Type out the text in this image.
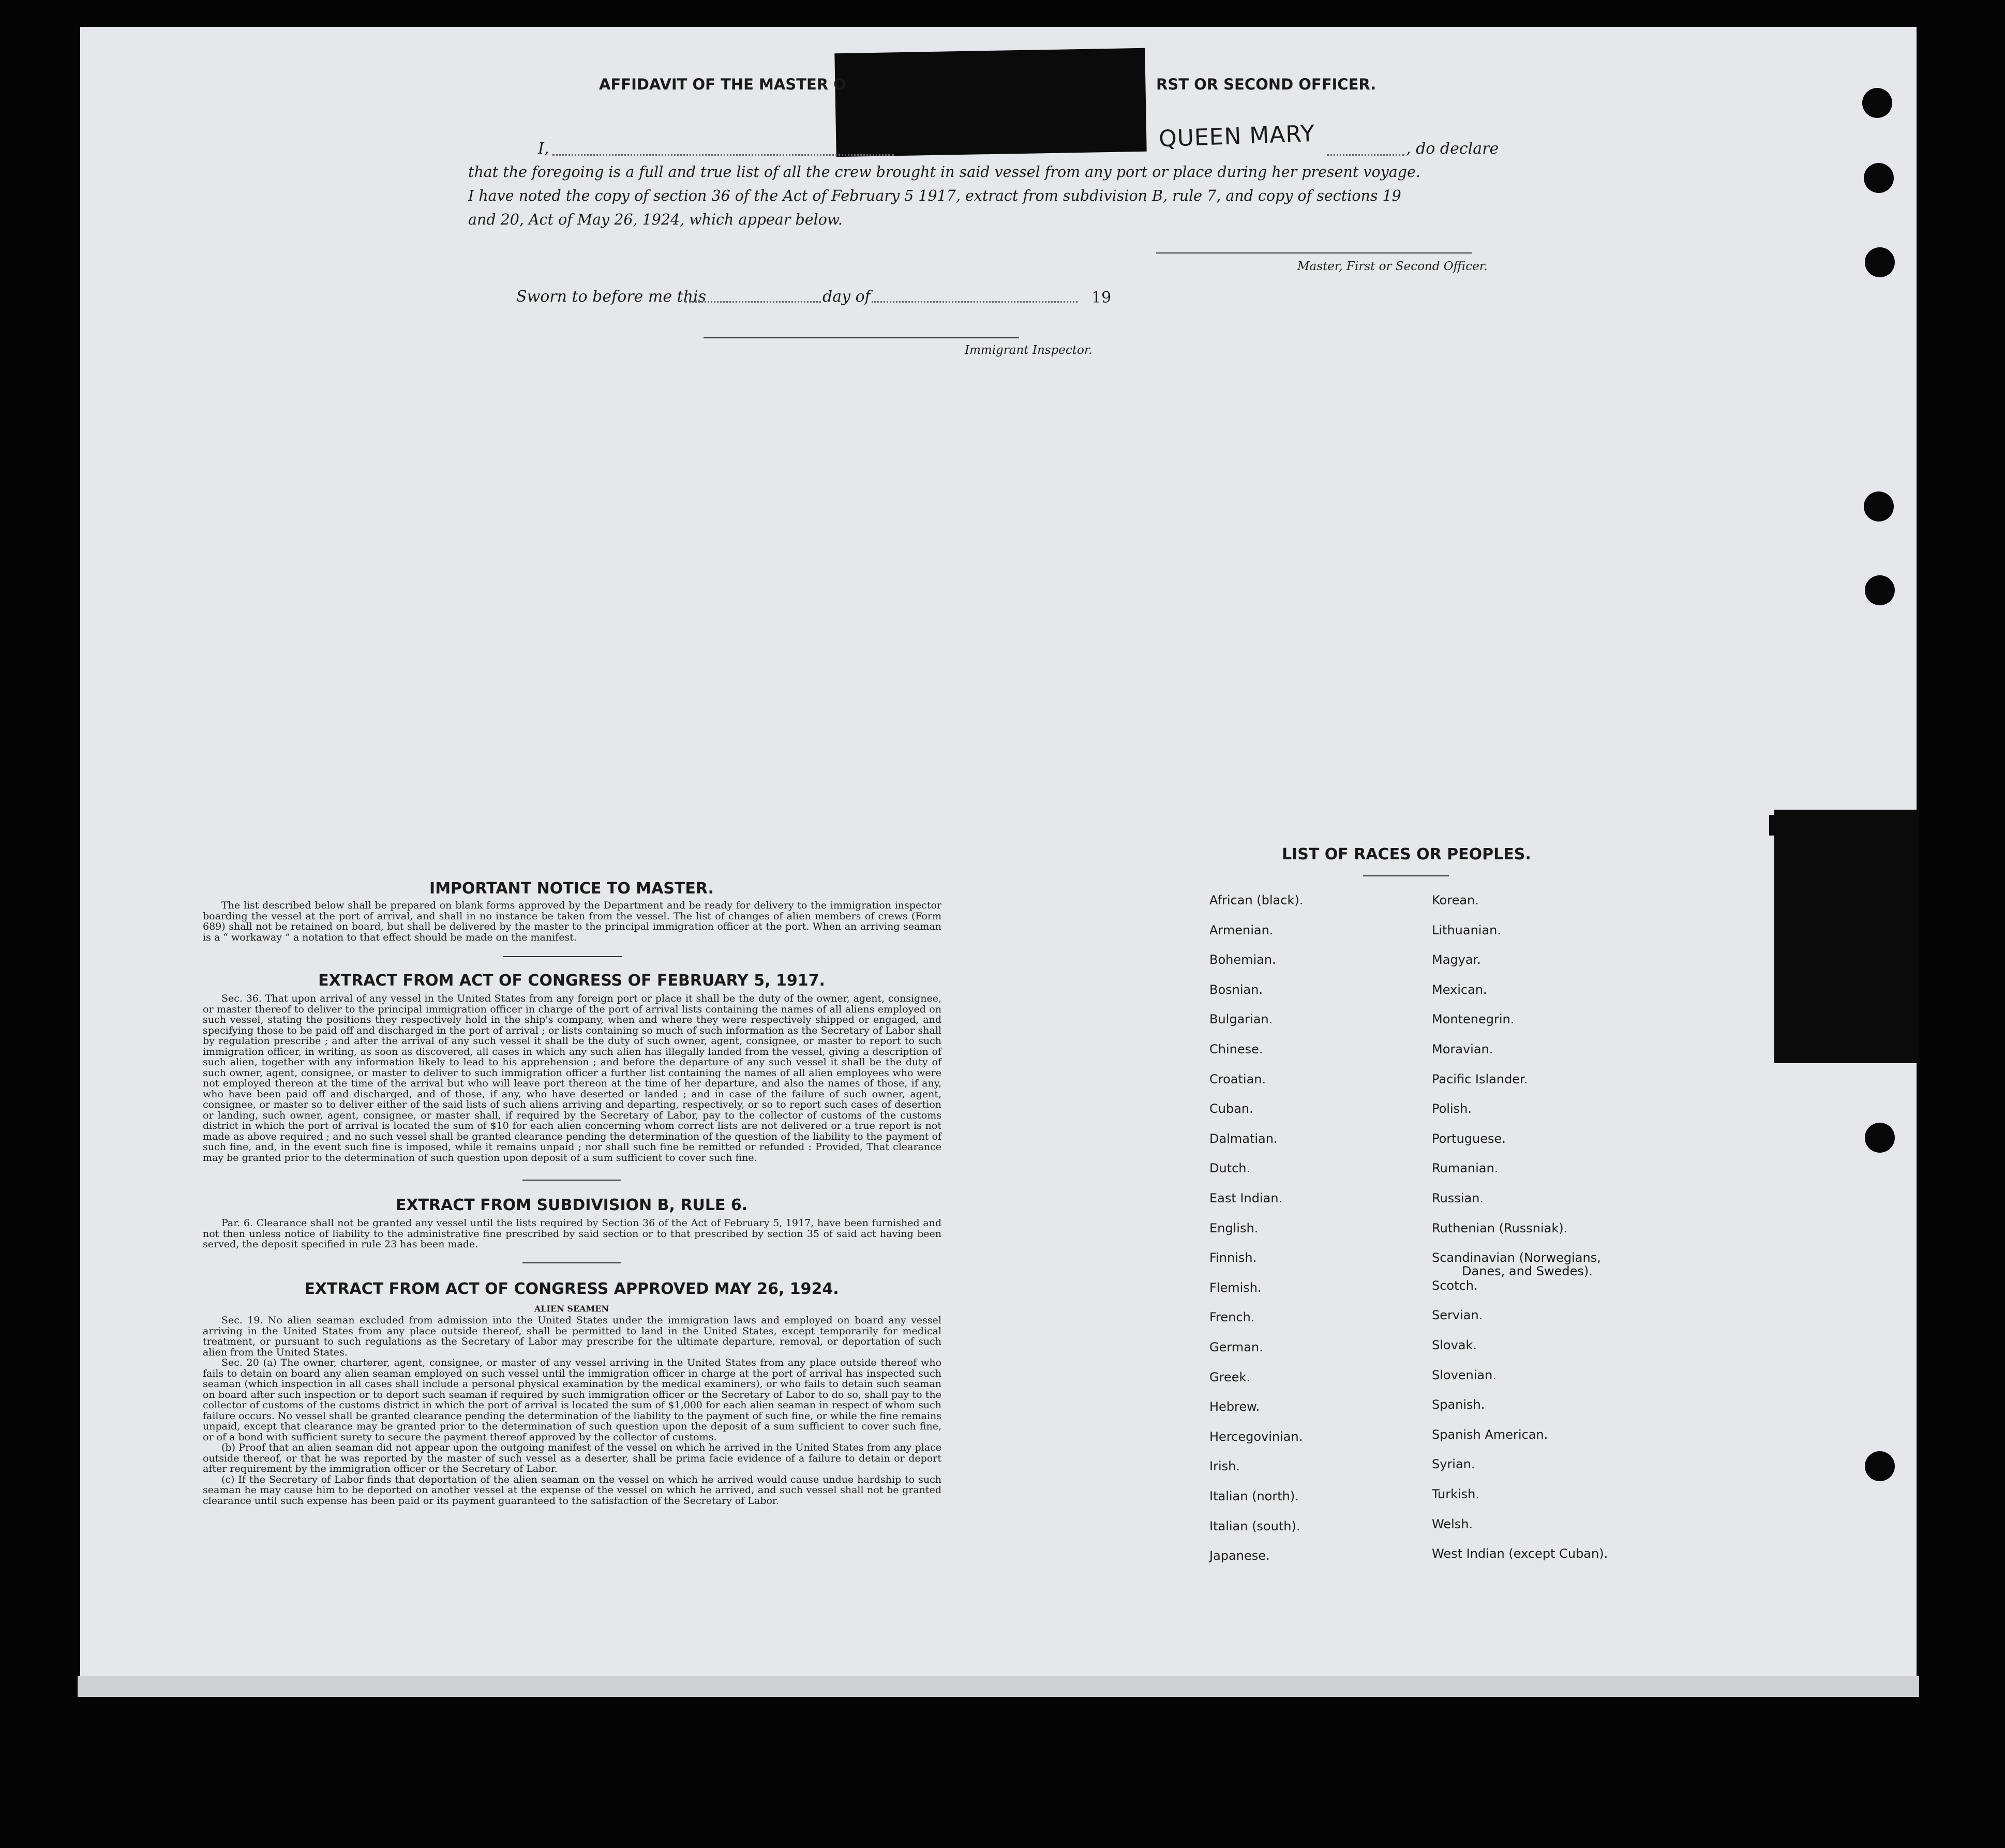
AFFIDAVIT OF THE MASTER O	RST OR SECOND OFFICER.
I,	QUEEN MARY	, do declare
that the foregoing is a full and true list of all the crew brought in said vessel from any port or place during her present voyage.
I have noted the copy of section 36 of the Act of February 5 1917, extract from subdivision B, rule 7, and copy of sections 19
and 20, Act of May 26, 1924, which appear below.
Master, First or Second Officer.
Sworn to before me this	day of	19
Immigrant Inspector.
IMPORTANT NOTICE TO MASTER.

The list described below shall be prepared on blank forms approved by the Department and be ready for delivery to the immigration inspector boarding the vessel at the port of arrival, and shall in no instance be taken from the vessel. The list of changes of alien members of crews (Form 689) shall not be retained on board, but shall be delivered by the master to the principal immigration officer at the port. When an arriving seaman is a “ workaway ” a notation to that effect should be made on the manifest.

EXTRACT FROM ACT OF CONGRESS OF FEBRUARY 5, 1917.

Sec. 36. That upon arrival of any vessel in the United States from any foreign port or place it shall be the duty of the owner, agent, consignee, or master thereof to deliver to the principal immigration officer in charge of the port of arrival lists containing the names of all aliens employed on such vessel, stating the positions they respectively hold in the ship's company, when and where they were respectively shipped or engaged, and specifying those to be paid off and discharged in the port of arrival ; or lists containing so much of such information as the Secretary of Labor shall by regulation prescribe ; and after the arrival of any such vessel it shall be the duty of such owner, agent, consignee, or master to report to such immigration officer, in writing, as soon as discovered, all cases in which any such alien has illegally landed from the vessel, giving a description of such alien, together with any information likely to lead to his apprehension ; and before the departure of any such vessel it shall be the duty of such owner, agent, consignee, or master to deliver to such immigration officer a further list containing the names of all alien employees who were not employed thereon at the time of the arrival but who will leave port thereon at the time of her departure, and also the names of those, if any, who have been paid off and discharged, and of those, if any, who have deserted or landed ; and in case of the failure of such owner, agent, consignee, or master so to deliver either of the said lists of such aliens arriving and departing, respectively, or so to report such cases of desertion or landing, such owner, agent, consignee, or master shall, if required by the Secretary of Labor, pay to the collector of customs of the customs district in which the port of arrival is located the sum of $10 for each alien concerning whom correct lists are not delivered or a true report is not made as above required ; and no such vessel shall be granted clearance pending the determination of the question of the liability to the payment of such fine, and, in the event such fine is imposed, while it remains unpaid ; nor shall such fine be remitted or refunded : Provided, That clearance may be granted prior to the determination of such question upon deposit of a sum sufficient to cover such fine.

EXTRACT FROM SUBDIVISION B, RULE 6.

Par. 6. Clearance shall not be granted any vessel until the lists required by Section 36 of the Act of February 5, 1917, have been furnished and not then unless notice of liability to the administrative fine prescribed by said section or to that prescribed by section 35 of said act having been served, the deposit specified in rule 23 has been made.

EXTRACT FROM ACT OF CONGRESS APPROVED MAY 26, 1924.
ALIEN SEAMEN

Sec. 19. No alien seaman excluded from admission into the United States under the immigration laws and employed on board any vessel arriving in the United States from any place outside thereof, shall be permitted to land in the United States, except temporarily for medical treatment, or pursuant to such regulations as the Secretary of Labor may prescribe for the ultimate departure, removal, or deportation of such alien from the United States.

Sec. 20 (a) The owner, charterer, agent, consignee, or master of any vessel arriving in the United States from any place outside thereof who fails to detain on board any alien seaman employed on such vessel until the immigration officer in charge at the port of arrival has inspected such seaman (which inspection in all cases shall include a personal physical examination by the medical examiners), or who fails to detain such seaman on board after such inspection or to deport such seaman if required by such immigration officer or the Secretary of Labor to do so, shall pay to the collector of customs of the customs district in which the port of arrival is located the sum of $1,000 for each alien seaman in respect of whom such failure occurs. No vessel shall be granted clearance pending the determination of the liability to the payment of such fine, or while the fine remains unpaid, except that clearance may be granted prior to the determination of such question upon the deposit of a sum sufficient to cover such fine, or of a bond with sufficient surety to secure the payment thereof approved by the collector of customs.

(b) Proof that an alien seaman did not appear upon the outgoing manifest of the vessel on which he arrived in the United States from any place outside thereof, or that he was reported by the master of such vessel as a deserter, shall be prima facie evidence of a failure to detain or deport after requirement by the immigration officer or the Secretary of Labor.

(c) If the Secretary of Labor finds that deportation of the alien seaman on the vessel on which he arrived would cause undue hardship to such seaman he may cause him to be deported on another vessel at the expense of the vessel on which he arrived, and such vessel shall not be granted clearance until such expense has been paid or its payment guaranteed to the satisfaction of the Secretary of Labor.

LIST OF RACES OR PEOPLES.
African (black).
Armenian.
Bohemian.
Bosnian.
Bulgarian.
Chinese.
Croatian.
Cuban.
Dalmatian.
Dutch.
East Indian.
English.
Finnish.
Flemish.
French.
German.
Greek.
Hebrew.
Hercegovinian.
Irish.
Italian (north).
Italian (south).
Japanese.
Korean.
Lithuanian.
Magyar.
Mexican.
Montenegrin.
Moravian.
Pacific Islander.
Polish.
Portuguese.
Rumanian.
Russian.
Ruthenian (Russniak).
Scandinavian (Norwegians,
Scotch.
Servian.
Slovak.
Slovenian.
Spanish.
Spanish American.
Syrian.
Turkish.
Welsh.
West Indian (except Cuban).
Danes, and Swedes).
